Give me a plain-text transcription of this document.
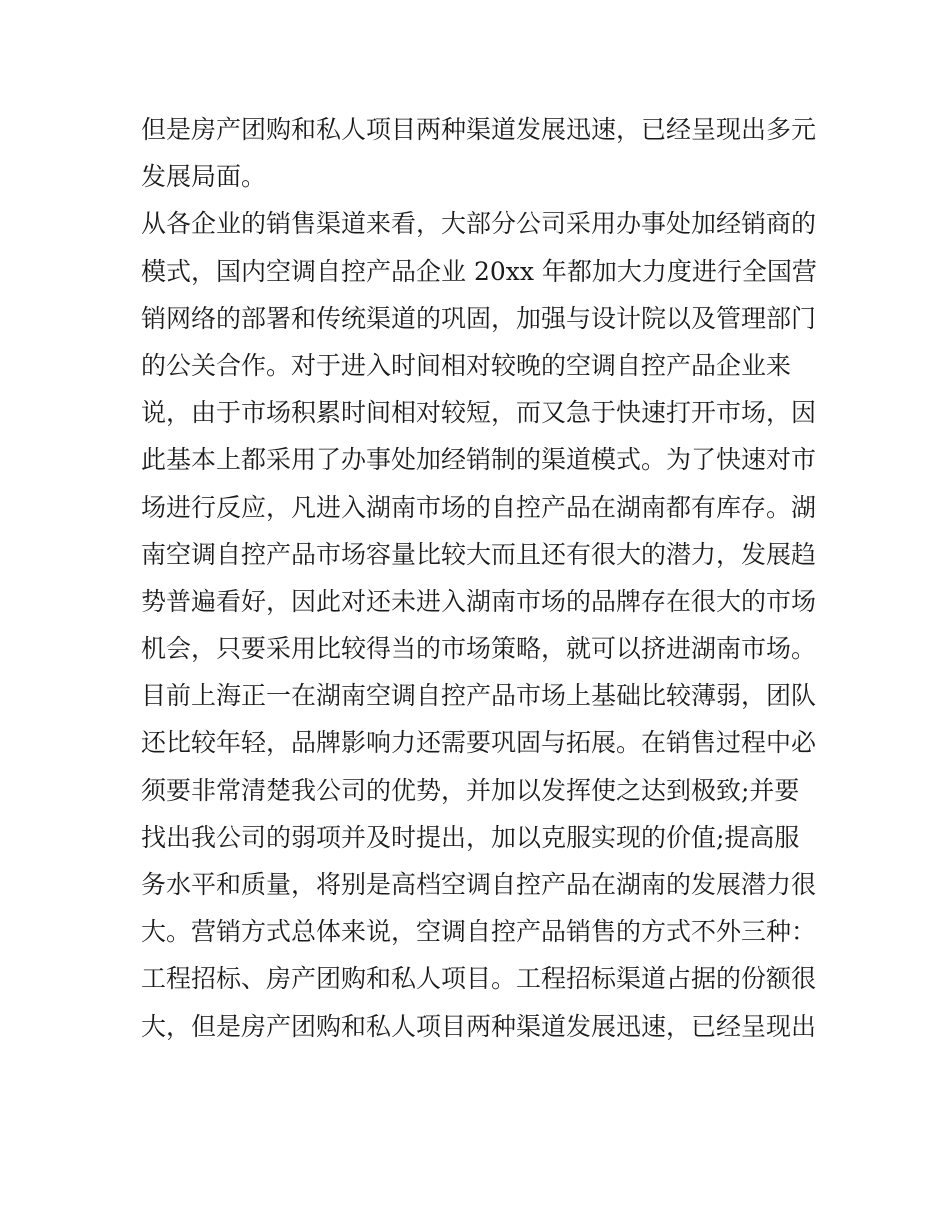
但是房产团购和私人项目两种渠道发展迅速，已经呈现出多元
发展局面。
从各企业的销售渠道来看，大部分公司采用办事处加经销商的
模式，国内空调自控产品企业 20xx 年都加大力度进行全国营
销网络的部署和传统渠道的巩固，加强与设计院以及管理部门
的公关合作。对于进入时间相对较晚的空调自控产品企业来
说，由于市场积累时间相对较短，而又急于快速打开市场，因
此基本上都采用了办事处加经销制的渠道模式。为了快速对市
场进行反应，凡进入湖南市场的自控产品在湖南都有库存。湖
南空调自控产品市场容量比较大而且还有很大的潜力，发展趋
势普遍看好，因此对还未进入湖南市场的品牌存在很大的市场
机会，只要采用比较得当的市场策略，就可以挤进湖南市场。
目前上海正一在湖南空调自控产品市场上基础比较薄弱，团队
还比较年轻，品牌影响力还需要巩固与拓展。在销售过程中必
须要非常清楚我公司的优势，并加以发挥使之达到极致;并要
找出我公司的弱项并及时提出，加以克服实现的价值;提高服
务水平和质量，将别是高档空调自控产品在湖南的发展潜力很
大。营销方式总体来说，空调自控产品销售的方式不外三种：
工程招标、房产团购和私人项目。工程招标渠道占据的份额很
大，但是房产团购和私人项目两种渠道发展迅速，已经呈现出
